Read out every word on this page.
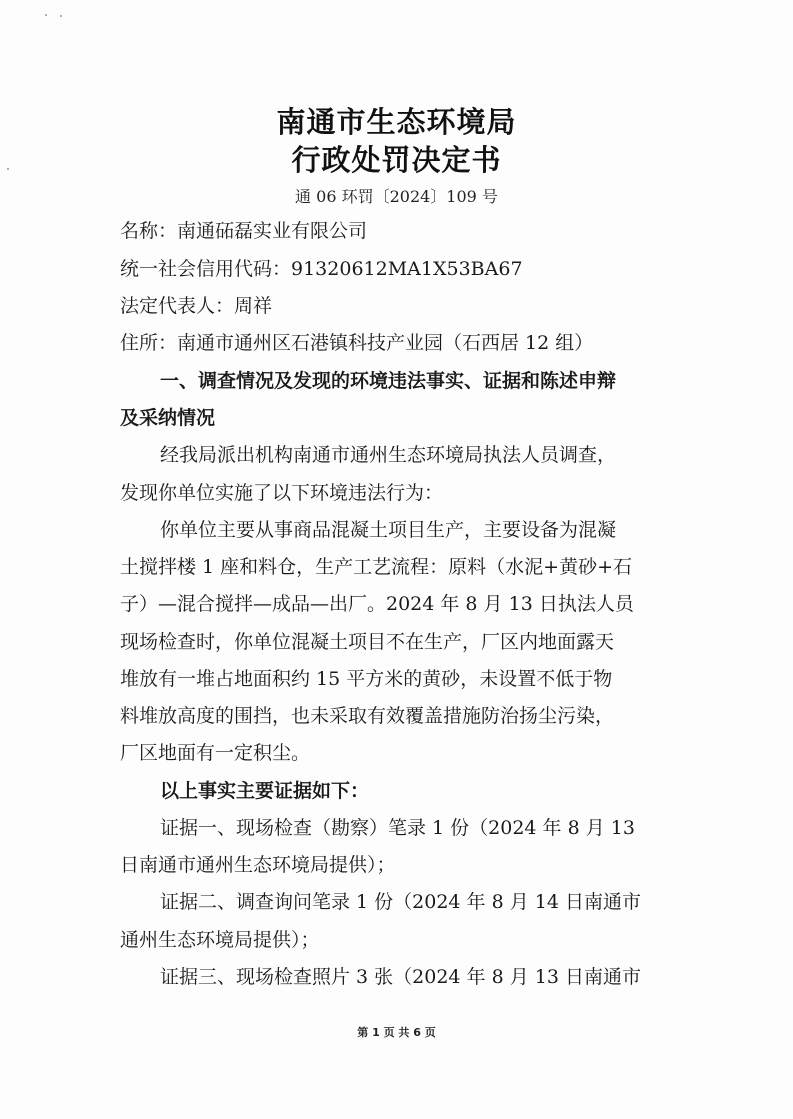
南通市生态环境局
行政处罚决定书
通 06 环罚〔2024〕109 号
名称：南通砳磊实业有限公司
统一社会信用代码：91320612MA1X53BA67
法定代表人：周祥
住所：南通市通州区石港镇科技产业园（石西居 12 组）
一、调查情况及发现的环境违法事实、证据和陈述申辩
及采纳情况
经我局派出机构南通市通州生态环境局执法人员调查，
发现你单位实施了以下环境违法行为：
你单位主要从事商品混凝土项目生产，主要设备为混凝
土搅拌楼 1 座和料仓，生产工艺流程：原料（水泥+黄砂+石
子）—混合搅拌—成品—出厂。2024 年 8 月 13 日执法人员
现场检查时，你单位混凝土项目不在生产，厂区内地面露天
堆放有一堆占地面积约 15 平方米的黄砂，未设置不低于物
料堆放高度的围挡，也未采取有效覆盖措施防治扬尘污染，
厂区地面有一定积尘。
以上事实主要证据如下：
证据一、现场检查（勘察）笔录 1 份（2024 年 8 月 13
日南通市通州生态环境局提供）；
证据二、调查询问笔录 1 份（2024 年 8 月 14 日南通市
通州生态环境局提供）；
证据三、现场检查照片 3 张（2024 年 8 月 13 日南通市
第 1 页 共 6 页
